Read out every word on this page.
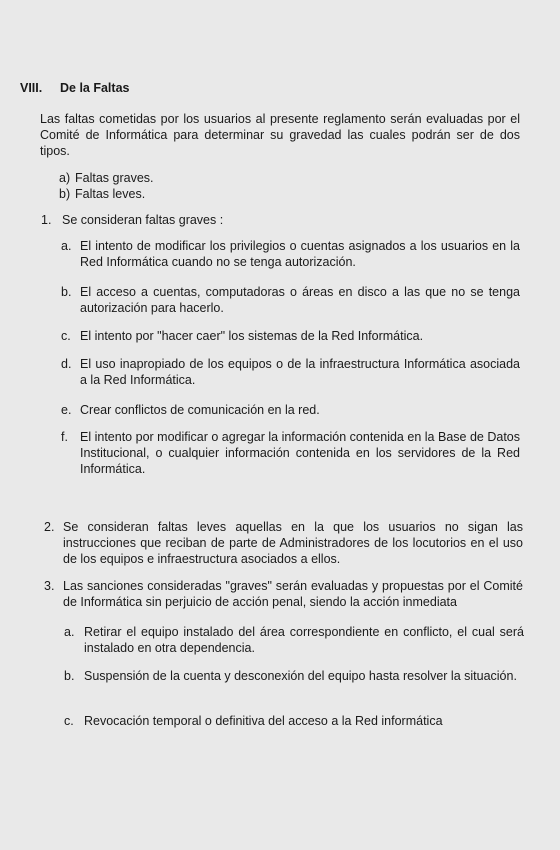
VIII. De la Faltas
Las faltas cometidas por los usuarios al presente reglamento serán evaluadas por el Comité de Informática para determinar su gravedad las cuales podrán ser de dos tipos.
a) Faltas graves.
b) Faltas leves.
1. Se consideran faltas graves :
a. El intento de modificar los privilegios o cuentas asignados a los usuarios en la Red Informática cuando no se tenga autorización.
b. El acceso a cuentas, computadoras o áreas en disco a las que no se tenga autorización para hacerlo.
c. El intento por "hacer caer" los sistemas de la Red Informática.
d. El uso inapropiado de los equipos o de la infraestructura Informática asociada a la Red Informática.
e. Crear conflictos de comunicación en la red.
f. El intento por modificar o agregar la información contenida en la Base de Datos Institucional, o cualquier información contenida en los servidores de la Red Informática.
2. Se consideran faltas leves aquellas en la que los usuarios no sigan las instrucciones que reciban de parte de Administradores de los locutorios en el uso de los equipos e infraestructura asociados a ellos.
3. Las sanciones consideradas "graves" serán evaluadas y propuestas por el Comité de Informática sin perjuicio de acción penal, siendo la acción inmediata
a. Retirar el equipo instalado del área correspondiente en conflicto, el cual será instalado en otra dependencia.
b. Suspensión de la cuenta y desconexión del equipo hasta resolver la situación.
c. Revocación temporal o definitiva del acceso a la Red informática
